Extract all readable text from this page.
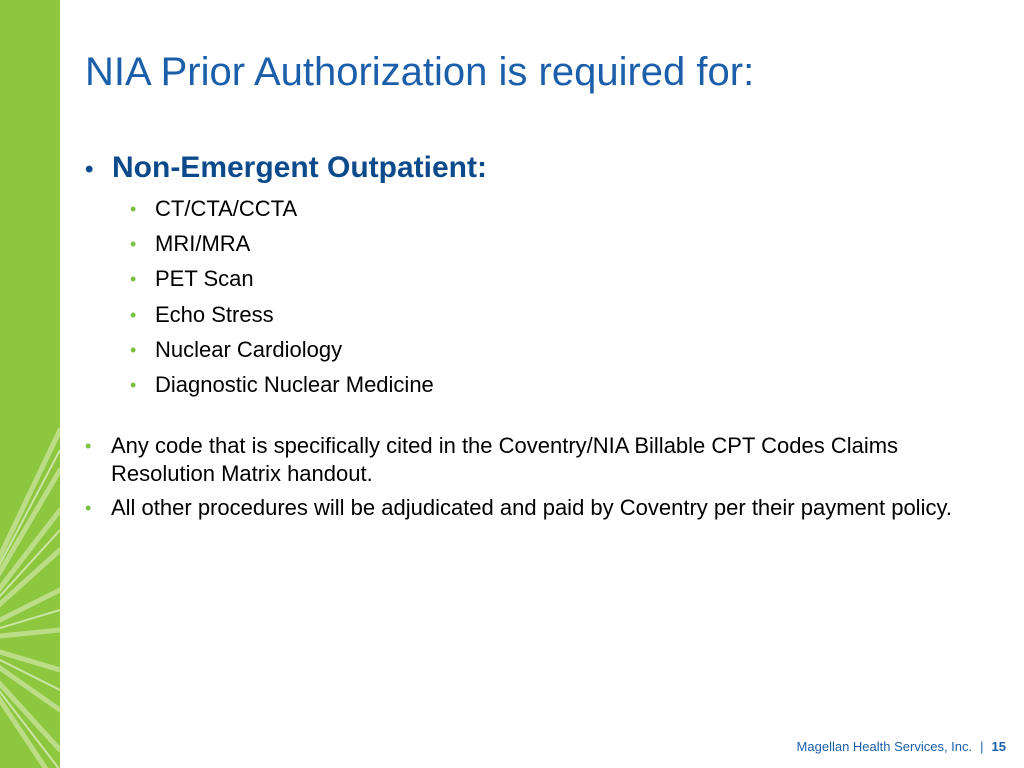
NIA Prior Authorization is required for:
• Non-Emergent Outpatient:
• CT/CTA/CCTA
• MRI/MRA
• PET Scan
• Echo Stress
• Nuclear Cardiology
• Diagnostic Nuclear Medicine
• Any code that is specifically cited in the Coventry/NIA Billable CPT Codes Claims Resolution Matrix handout.
• All other procedures will be adjudicated and paid by Coventry per their payment policy.
Magellan Health Services, Inc. | 15
